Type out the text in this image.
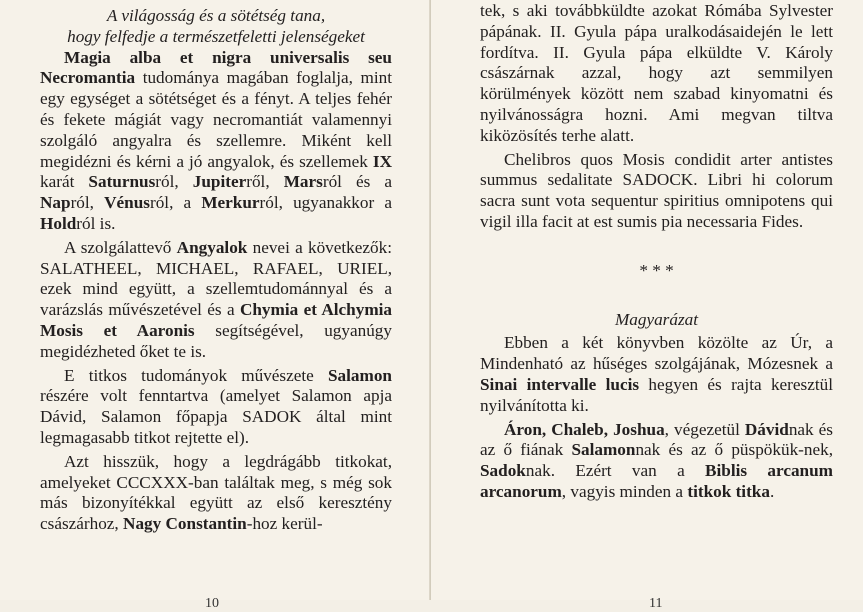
A világosság és a sötétség tana,
hogy felfedje a természetfeletti jelenségeket

Magia alba et nigra universalis seu Necromantia tudománya magában foglalja, mint egy egységet a sötétséget és a fényt. A teljes fehér és fekete mágiát vagy necromantiát valamennyi szolgáló angyalra és szellemre. Miként kell megidézni és kérni a jó angyalok, és szellemek IX karát Saturnusról, Jupiterről, Marsról és a Napról, Vénusról, a Merkurról, ugyanakkor a Holdról is.

A szolgálattevő Angyalok nevei a következők: SALATHEEL, MICHAEL, RAFAEL, URIEL, ezek mind együtt, a szellemtudománnyal és a varázslás művészetével és a Chymia et Alchymia Mosis et Aaronis segítségével, ugyanúgy megidézheted őket te is.

E titkos tudományok művészete Salamon részére volt fenntartva (amelyet Salamon apja Dávid, Salamon főpapja SADOK által mint legmagasabb titkot rejtette el).

Azt hisszük, hogy a legdrágább titkokat, amelyeket CCCXXX-ban találtak meg, s még sok más bizonyítékkal együtt az első keresztény császárhoz, Nagy Constantin-hoz kerül-

10

tek, s aki továbbküldte azokat Rómába Sylvester pápának. II. Gyula pápa uralkodásaidején le lett fordítva. II. Gyula pápa elküldte V. Károly császárnak azzal, hogy azt semmilyen körülmények között nem szabad kinyomatni és nyilvánosságra hozni. Ami megvan tiltva kiközösítés terhe alatt.

Chelibros quos Mosis condidit arter antistes summus sedalitate SADOCK. Libri hi colorum sacra sunt vota sequentur spiritius omnipotens qui vigil illa facit at est sumis pia necessaria Fides.

* * *

Magyarázat

Ebben a két könyvben közölte az Úr, a Mindenható az hűséges szolgájának, Mózesnek a Sinai intervalle lucis hegyen és rajta keresztül nyilvánította ki.

Áron, Chaleb, Joshua, végezetül Dávidnak és az ő fiának Salamonnak és az ő püspökük-nek, Sadoknak. Ezért van a Biblis arcanum arcanorum, vagyis minden a titkok titka.

11
